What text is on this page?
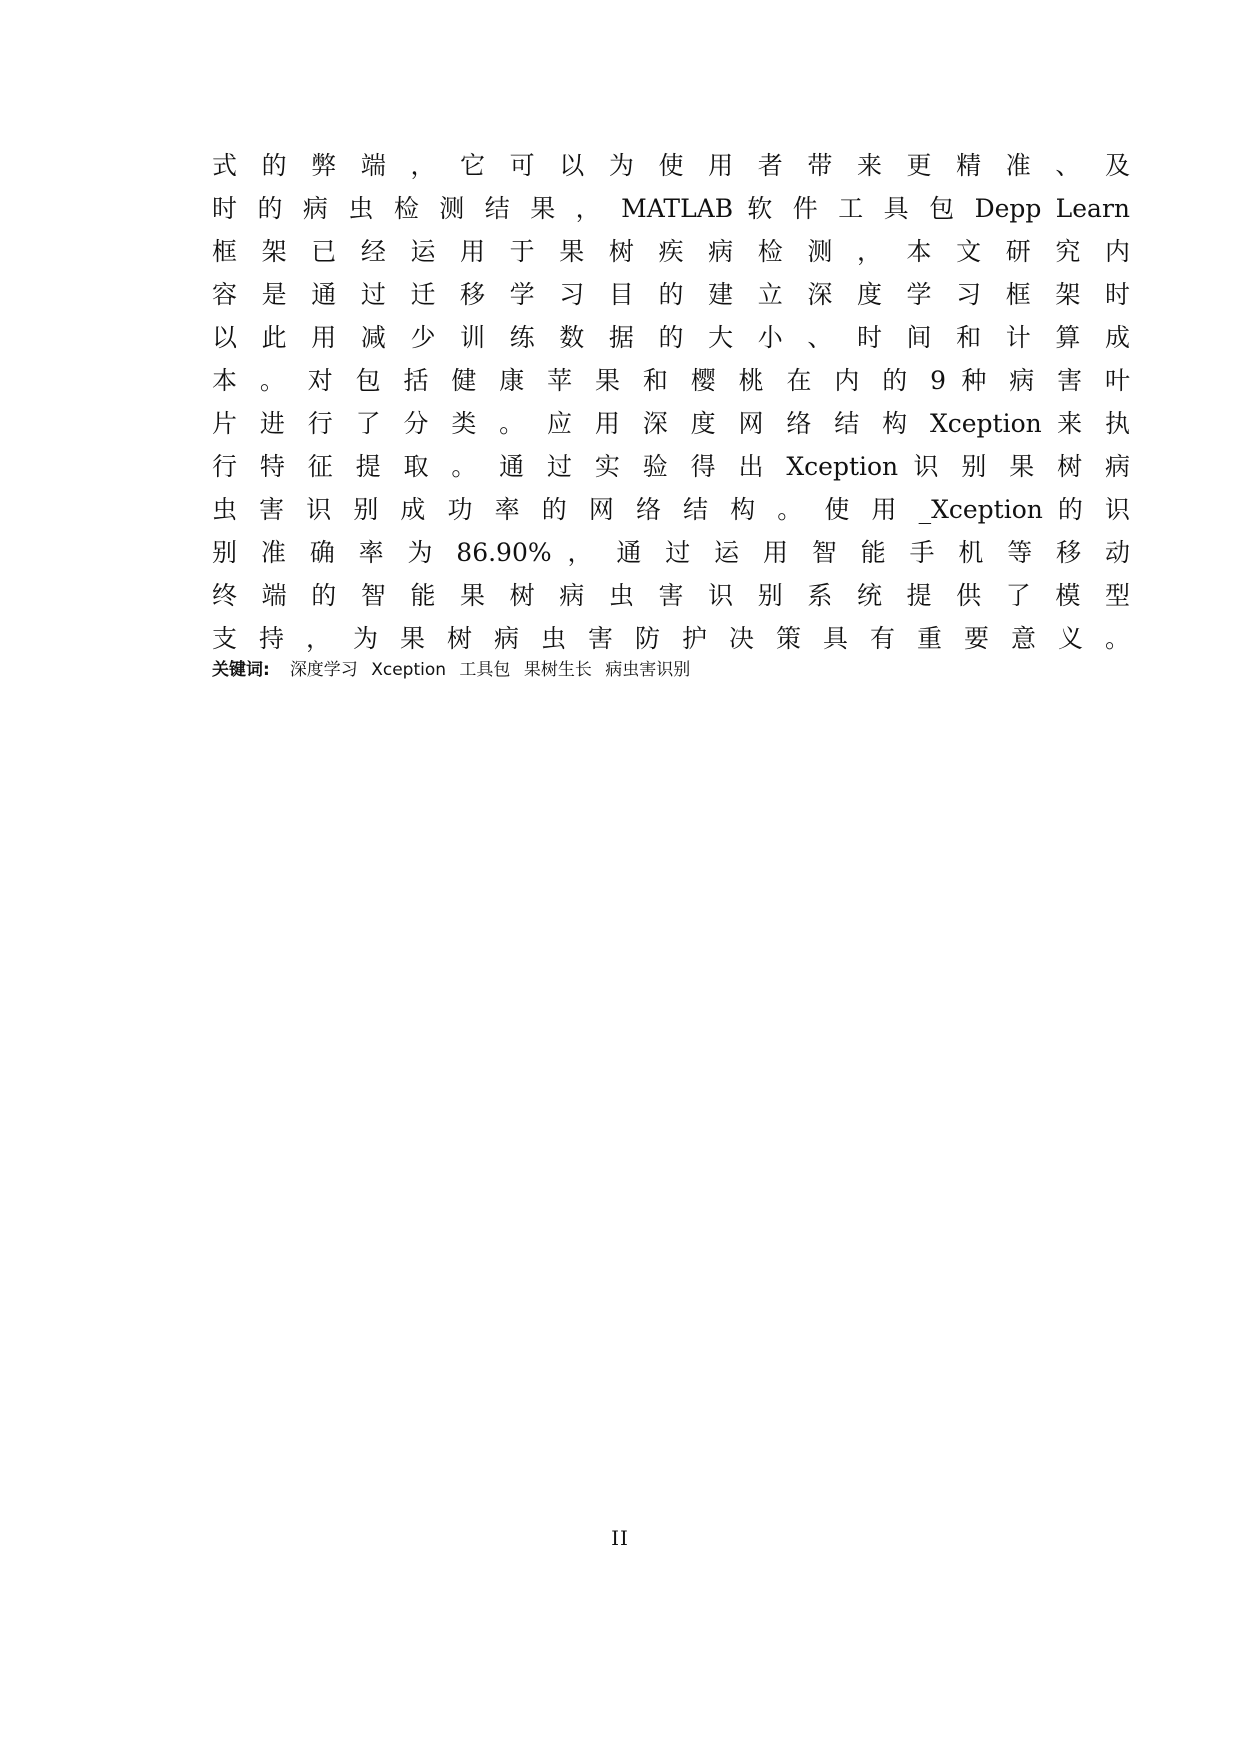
式 的 弊 端 ， 它 可 以 为 使 用 者 带 来 更 精 准 、 及
时 的 病 虫 检 测 结 果 ， MATLAB 软 件 工 具 包 Depp Learn
框 架 已 经 运 用 于 果 树 疾 病 检 测 ， 本 文 研 究 内
容 是 通 过 迁 移 学 习 目 的 建 立 深 度 学 习 框 架 时
以 此 用 减 少 训 练 数 据 的 大 小 、 时 间 和 计 算 成
本 。 对 包 括 健 康 苹 果 和 樱 桃 在 内 的 9 种 病 害 叶
片 进 行 了 分 类 。 应 用 深 度 网 络 结 构 Xception 来 执
行 特 征 提 取 。 通 过 实 验 得 出 Xception 识 别 果 树 病
虫 害 识 别 成 功 率 的 网 络 结 构 。 使 用 _Xception 的 识
别 准 确 率 为 86.90% ， 通 过 运 用 智 能 手 机 等 移 动
终 端 的 智 能 果 树 病 虫 害 识 别 系 统 提 供 了 模 型
支 持 ， 为 果 树 病 虫 害 防 护 决 策 具 有 重 要 意 义 。
关键词: 深度学习 Xception 工具包 果树生长 病虫害识别
II
